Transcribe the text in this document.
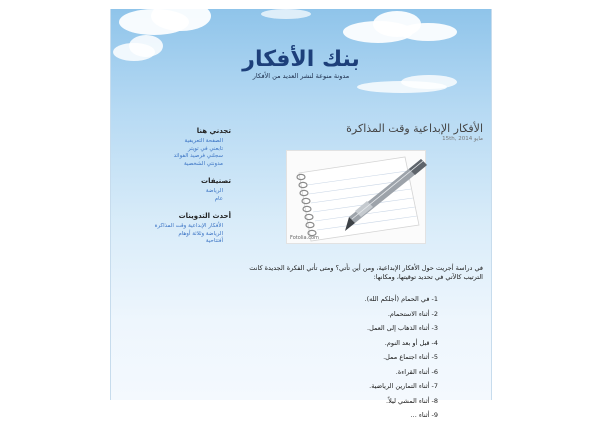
بنك الأفكار
مدونة منوعة لنشر العديد من الأفكار
تجدني هنا
الصفحة التعريفية
تابعني في تويتر
سجلني فرصيد الفوائد
مدونتي الشخصية
تصنيفات
الرياضة
عام
أحدث التدوينات
الأفكار الإبداعية وقت المذاكرة
الرياضة وثلاثة أوهام
أفتتاحية
الأفكار الإبداعية وقت المذاكرة
مايو 15th, 2014
Fotolia.com
في دراسة أجريت حول الأفكار الإبداعية، ومن أين تأتي؟ ومتى تأتي الفكرة الجديدة كانت الترتيب كالآتي في تحديد توقيتها، ومكانها:
1- في الحمام (أجلكم الله).
2- أثناء الاستحمام.
3- أثناء الذهاب إلى العمل.
4- قبل أو بعد النوم.
5- أثناء اجتماع ممل.
6- أثناء القراءة.
7- أثناء التمارين الرياضية.
8- أثناء المشي ليلاً.
9- أثناء ...
